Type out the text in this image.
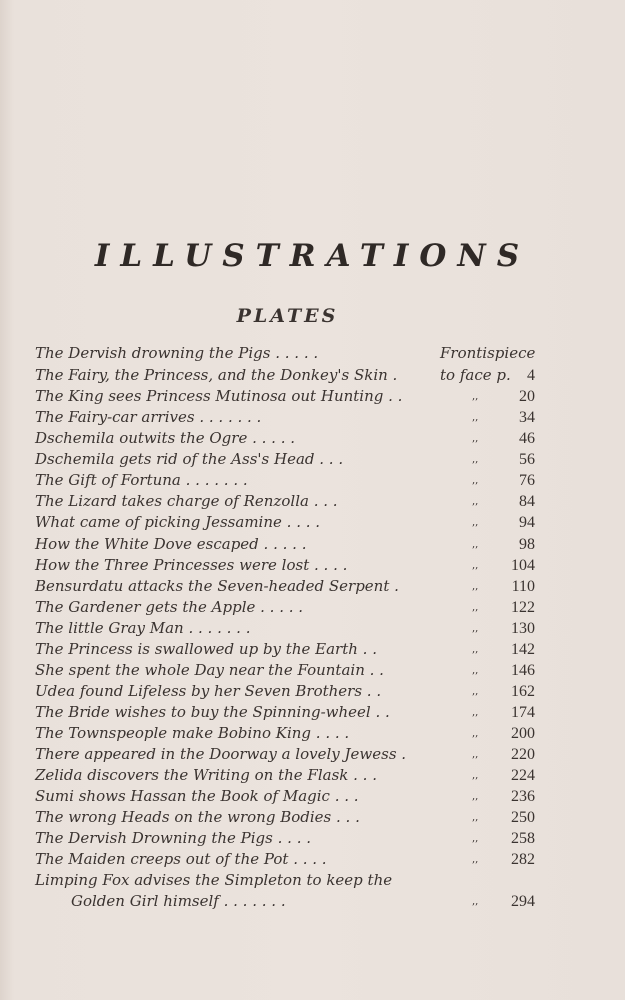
ILLUSTRATIONS
PLATES
The Dervish drowning the Pigs . . . . .	Frontispiece
The Fairy, the Princess, and the Donkey's Skin .	to face p. 4
The King sees Princess Mutinosa out Hunting . .	,,	20
The Fairy-car arrives . . . . . . .	,,	34
Dschemila outwits the Ogre . . . . .	,,	46
Dschemila gets rid of the Ass's Head . . .	,,	56
The Gift of Fortuna . . . . . . .	,,	76
The Lizard takes charge of Renzolla . . .	,,	84
What came of picking Jessamine . . . .	,,	94
How the White Dove escaped . . . . .	,,	98
How the Three Princesses were lost . . . .	,, 104
Bensurdatu attacks the Seven-headed Serpent .	,, 110
The Gardener gets the Apple . . . . .	,, 122
The little Gray Man . . . . . . .	,, 130
The Princess is swallowed up by the Earth . .	,, 142
She spent the whole Day near the Fountain . .	,, 146
Udea found Lifeless by her Seven Brothers . .	,, 162
The Bride wishes to buy the Spinning-wheel . .	,, 174
The Townspeople make Bobino King . . . .	,, 200
There appeared in the Doorway a lovely Jewess .	,, 220
Zelida discovers the Writing on the Flask . . .	,, 224
Sumi shows Hassan the Book of Magic . . .	,, 236
The wrong Heads on the wrong Bodies . . .	,, 250
The Dervish Drowning the Pigs . . . .	,, 258
The Maiden creeps out of the Pot . . . .	,, 282
Limping Fox advises the Simpleton to keep the
Golden Girl himself . . . . . . .	,, 294
